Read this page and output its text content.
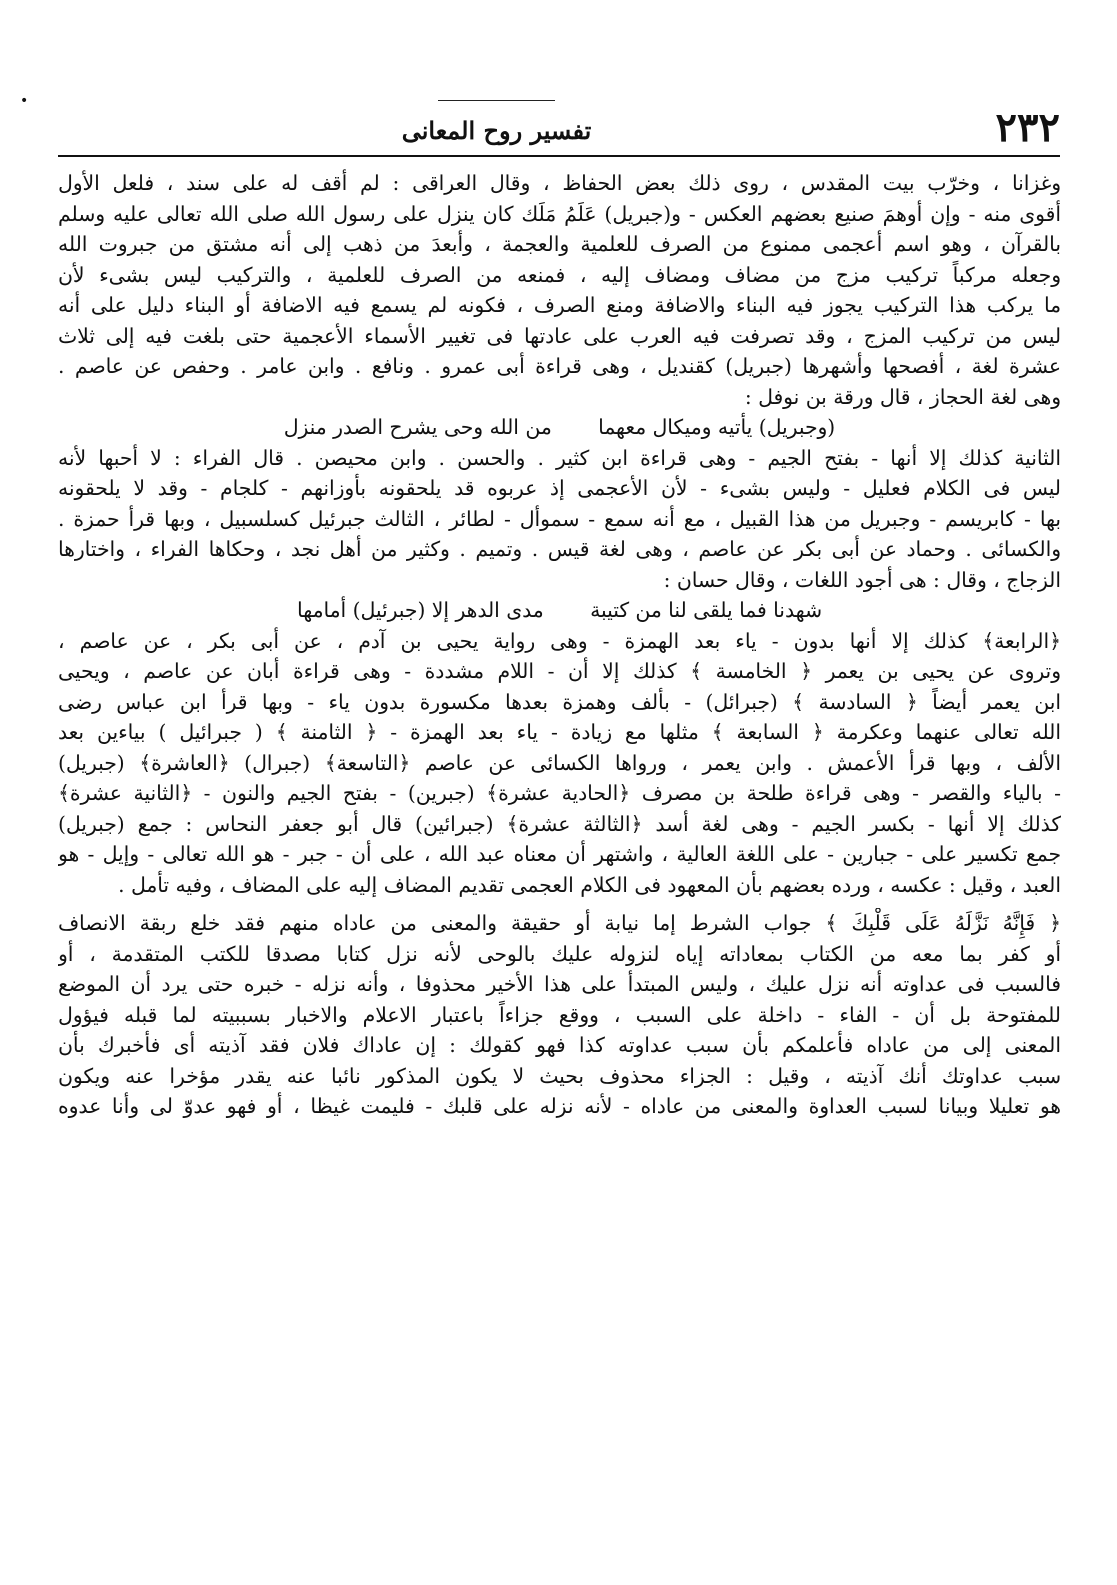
•
٢٣٢
تفسير روح المعانى
وغزانا ، وخرّب بيت المقدس ، روى ذلك بعض الحفاظ ، وقال العراقى : لم أقف له على سند ، فلعل الأول
أقوى منه - وإن أوهمَ صنيع بعضهم العكس - و(جبريل) عَلَمُ مَلَك كان ينزل على رسول الله صلى الله تعالى عليه وسلم
بالقرآن ، وهو اسم أعجمى ممنوع من الصرف للعلمية والعجمة ، وأبعدَ من ذهب إلى أنه مشتق من جبروت الله
وجعله مركباً تركيب مزج من مضاف ومضاف إليه ، فمنعه من الصرف للعلمية ، والتركيب ليس بشىء لأن
ما يركب هذا التركيب يجوز فيه البناء والاضافة ومنع الصرف ، فكونه لم يسمع فيه الاضافة أو البناء دليل على أنه
ليس من تركيب المزج ، وقد تصرفت فيه العرب على عادتها فى تغيير الأسماء الأعجمية حتى بلغت فيه إلى ثلاث
عشرة لغة ، أفصحها وأشهرها (جبريل) كقنديل ، وهى قراءة أبى عمرو . ونافع . وابن عامر . وحفص عن عاصم .
وهى لغة الحجاز ، قال ورقة بن نوفل :
(وجبريل) يأتيه وميكال معهما من الله وحى يشرح الصدر منزل
الثانية كذلك إلا أنها - بفتح الجيم - وهى قراءة ابن كثير . والحسن . وابن محيصن . قال الفراء : لا أحبها لأنه
ليس فى الكلام فعليل - وليس بشىء - لأن الأعجمى إذ عربوه قد يلحقونه بأوزانهم - كلجام - وقد لا يلحقونه
بها - كابريسم - وجبريل من هذا القبيل ، مع أنه سمع - سموأل - لطائر ، الثالث جبرئيل كسلسبيل ، وبها قرأ حمزة .
والكسائى . وحماد عن أبى بكر عن عاصم ، وهى لغة قيس . وتميم . وكثير من أهل نجد ، وحكاها الفراء ، واختارها
الزجاج ، وقال : هى أجود اللغات ، وقال حسان :
شهدنا فما يلقى لنا من كتيبة مدى الدهر إلا (جبرئيل) أمامها
﴿الرابعة﴾ كذلك إلا أنها بدون - ياء بعد الهمزة - وهى رواية يحيى بن آدم ، عن أبى بكر ، عن عاصم ،
وتروى عن يحيى بن يعمر ﴿ الخامسة ﴾ كذلك إلا أن - اللام مشددة - وهى قراءة أبان عن عاصم ، ويحيى
ابن يعمر أيضاً ﴿ السادسة ﴾ (جبرائل) - بألف وهمزة بعدها مكسورة بدون ياء - وبها قرأ ابن عباس رضى
الله تعالى عنهما وعكرمة ﴿ السابعة ﴾ مثلها مع زيادة - ياء بعد الهمزة - ﴿ الثامنة ﴾ ( جبرائيل ) بياءين بعد
الألف ، وبها قرأ الأعمش . وابن يعمر ، ورواها الكسائى عن عاصم ﴿التاسعة﴾ (جبرال) ﴿العاشرة﴾ (جبريل)
- بالياء والقصر - وهى قراءة طلحة بن مصرف ﴿الحادية عشرة﴾ (جبرين) - بفتح الجيم والنون - ﴿الثانية عشرة﴾
كذلك إلا أنها - بكسر الجيم - وهى لغة أسد ﴿الثالثة عشرة﴾ (جبرائين) قال أبو جعفر النحاس : جمع (جبريل)
جمع تكسير على - جبارين - على اللغة العالية ، واشتهر أن معناه عبد الله ، على أن - جبر - هو الله تعالى - وإيل - هو
العبد ، وقيل : عكسه ، ورده بعضهم بأن المعهود فى الكلام العجمى تقديم المضاف إليه على المضاف ، وفيه تأمل .
﴿ فَإِنَّهُ نَزَّلَهُ عَلَى قَلْبِكَ ﴾ جواب الشرط إما نيابة أو حقيقة والمعنى من عاداه منهم فقد خلع ربقة الانصاف
أو كفر بما معه من الكتاب بمعاداته إياه لنزوله عليك بالوحى لأنه نزل كتابا مصدقا للكتب المتقدمة ، أو
فالسبب فى عداوته أنه نزل عليك ، وليس المبتدأ على هذا الأخير محذوفا ، وأنه نزله - خبره حتى يرد أن الموضع
للمفتوحة بل أن - الفاء - داخلة على السبب ، ووقع جزاءاً باعتبار الاعلام والاخبار بسببيته لما قبله فيؤول
المعنى إلى من عاداه فأعلمكم بأن سبب عداوته كذا فهو كقولك : إن عاداك فلان فقد آذيته أى فأخبرك بأن
سبب عداوتك أنك آذيته ، وقيل : الجزاء محذوف بحيث لا يكون المذكور نائبا عنه يقدر مؤخرا عنه ويكون
هو تعليلا وبيانا لسبب العداوة والمعنى من عاداه - لأنه نزله على قلبك - فليمت غيظا ، أو فهو عدوّ لى وأنا عدوه
